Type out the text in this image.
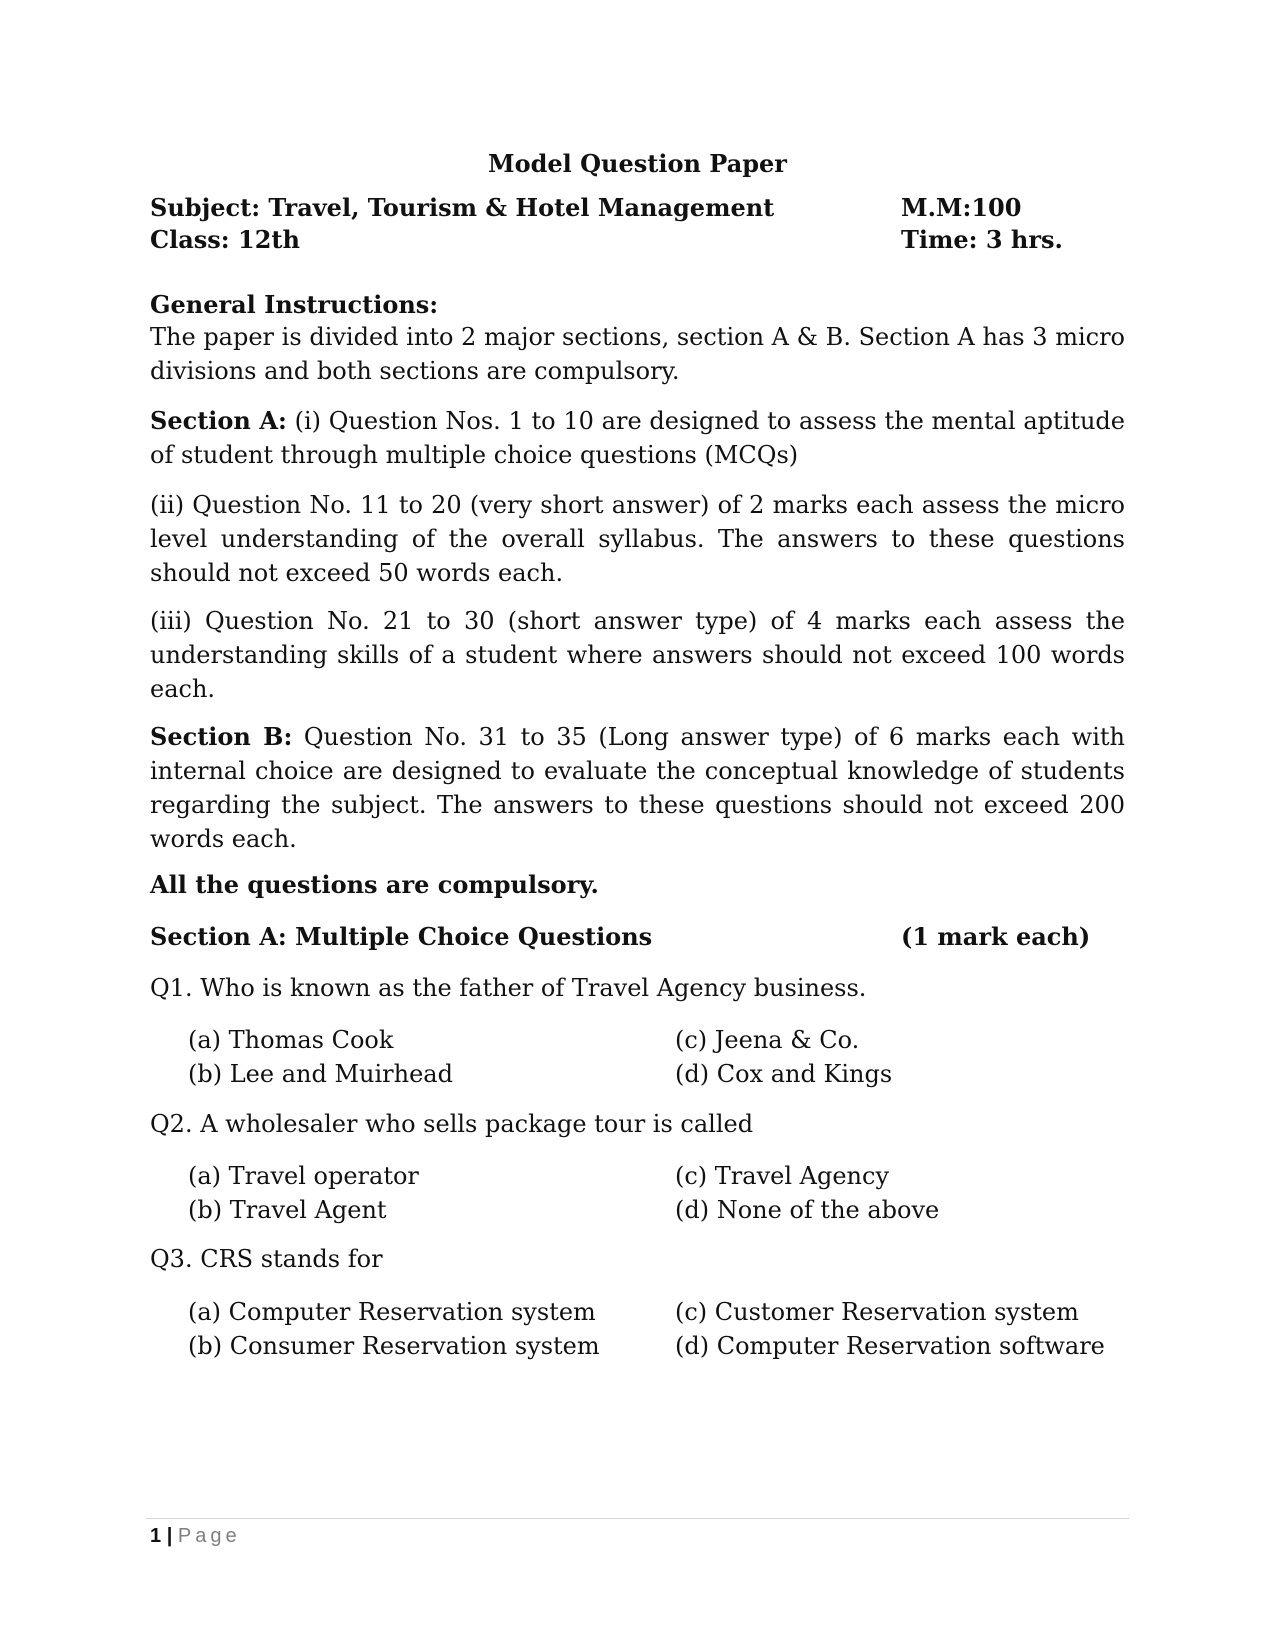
Model Question Paper
Subject: Travel, Tourism & Hotel Management	M.M:100
Class: 12th	Time: 3 hrs.
General Instructions:
The paper is divided into 2 major sections, section A & B. Section A has 3 micro divisions and both sections are compulsory.
Section A: (i) Question Nos. 1 to 10 are designed to assess the mental aptitude of student through multiple choice questions (MCQs)
(ii) Question No. 11 to 20 (very short answer) of 2 marks each assess the micro level understanding of the overall syllabus. The answers to these questions should not exceed 50 words each.
(iii) Question No. 21 to 30 (short answer type) of 4 marks each assess the understanding skills of a student where answers should not exceed 100 words each.
Section B: Question No. 31 to 35 (Long answer type) of 6 marks each with internal choice are designed to evaluate the conceptual knowledge of students regarding the subject. The answers to these questions should not exceed 200 words each.
All the questions are compulsory.
Section A: Multiple Choice Questions	(1 mark each)
Q1. Who is known as the father of Travel Agency business.
(a) Thomas Cook	(c) Jeena & Co.
(b) Lee and Muirhead	(d) Cox and Kings
Q2. A wholesaler who sells package tour is called
(a) Travel operator	(c) Travel Agency
(b) Travel Agent	(d) None of the above
Q3. CRS stands for
(a) Computer Reservation system	(c) Customer Reservation system
(b) Consumer Reservation system	(d) Computer Reservation software
1 | Page
